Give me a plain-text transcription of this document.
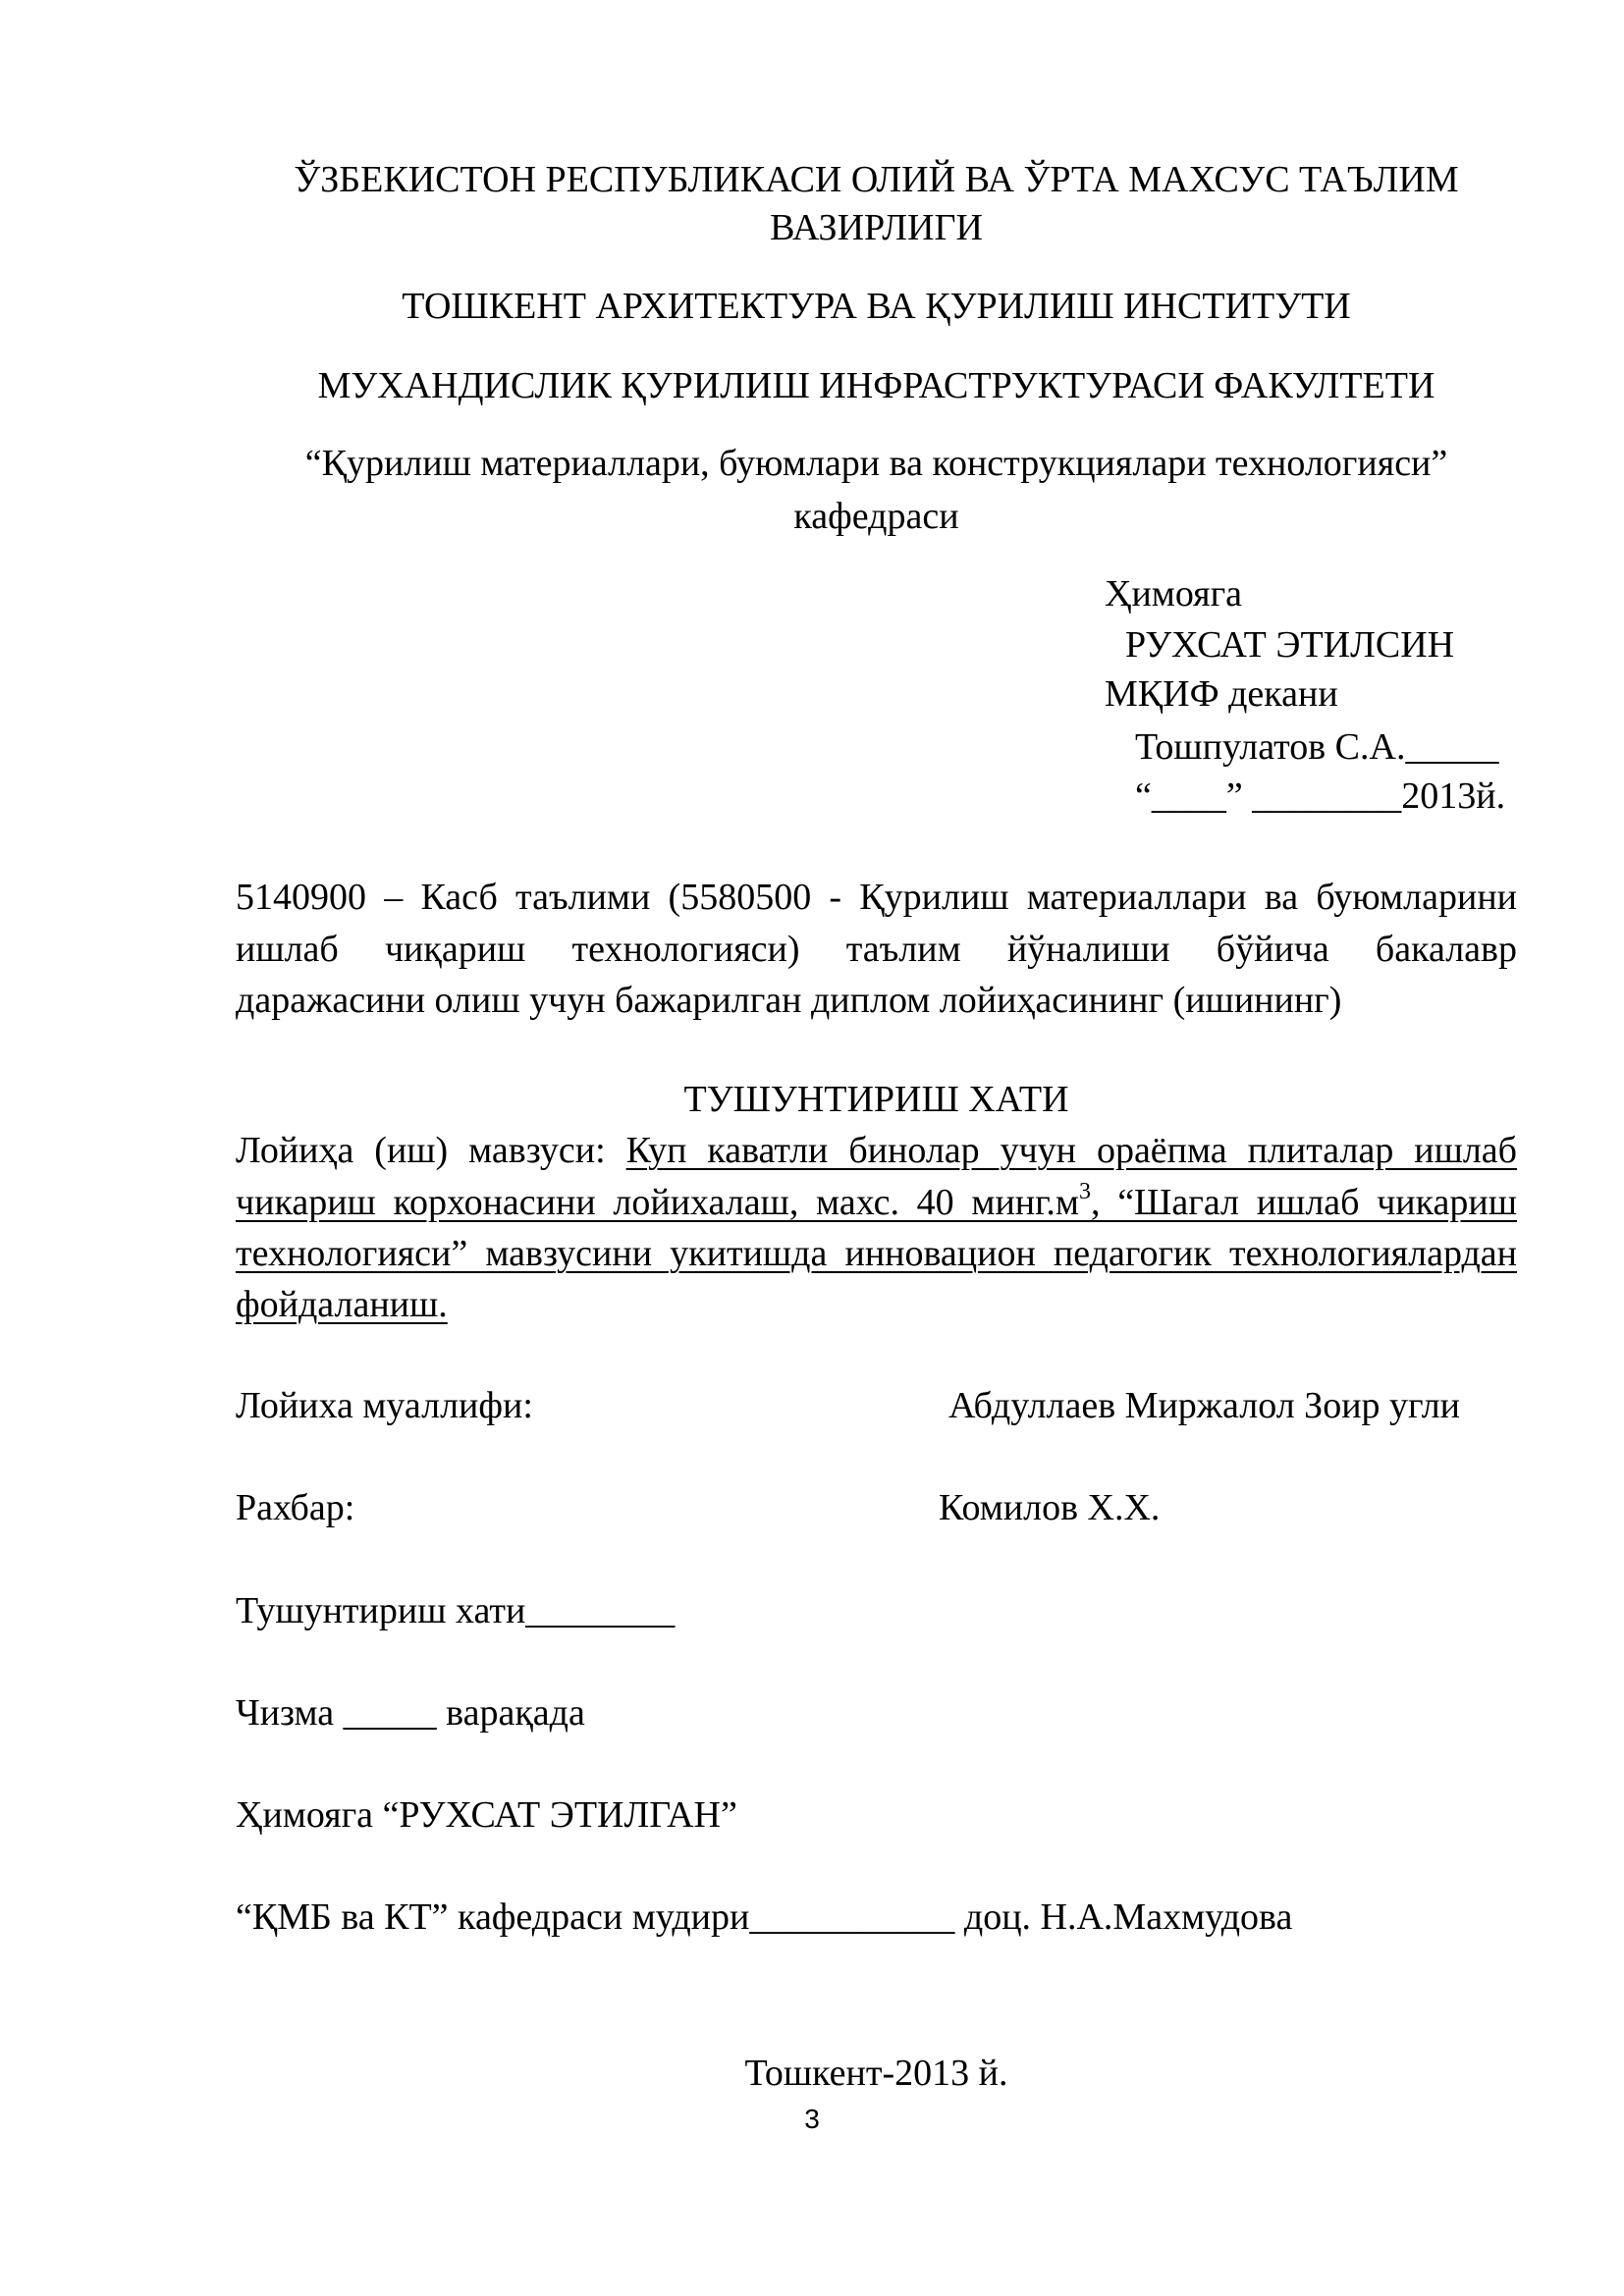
ЎЗБЕКИСТОН РЕСПУБЛИКАСИ ОЛИЙ ВА ЎРТА МАХСУС ТАЪЛИМ
ВАЗИРЛИГИ
ТОШКЕНТ АРХИТЕКТУРА ВА ҚУРИЛИШ ИНСТИТУТИ
МУХАНДИСЛИК ҚУРИЛИШ ИНФРАСТРУКТУРАСИ ФАКУЛТЕТИ
“Қурилиш материаллари, буюмлари ва конструкциялари технологияси”
кафедраси
Ҳимояга
РУХСАТ ЭТИЛСИН
МҚИФ декани
Тошпулатов С.А._____
“____” ________2013й.
5140900 – Касб таълими (5580500 - Қурилиш материаллари ва буюмларини
ишлаб чиқариш технологияси) таълим йўналиши бўйича бакалавр
даражасини олиш учун бажарилган диплом лойиҳасининг (ишининг)
ТУШУНТИРИШ ХАТИ
Лойиҳа (иш) мавзуси: Куп каватли бинолар учун ораёпма плиталар ишлаб
чикариш корхонасини лойихалаш, махс. 40 $минг.м^3$, “Шагал ишлаб чикариш
технологияси” мавзусини укитишда инновацион педагогик технологиялардан
фойдаланиш.
Лойиха муаллифи:	Абдуллаев Миржалол Зоир угли
Рахбар:	Комилов Х.Х.
Тушунтириш хати________
Чизма _____ варақада
Ҳимояга “РУХСАТ ЭТИЛГАН”
“ҚМБ ва КТ” кафедраси мудири___________ доц. Н.А.Махмудова
Тошкент-2013 й.
3
